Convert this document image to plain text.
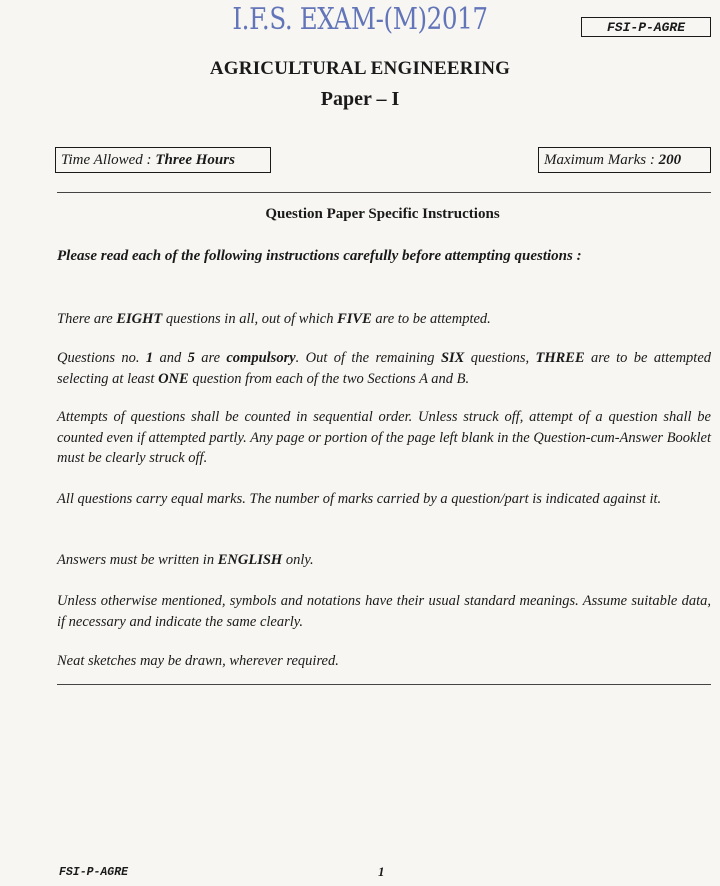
I.F.S. EXAM-(M)2017	FSI-P-AGRE
AGRICULTURAL ENGINEERING
Paper – I
Time Allowed : Three Hours	Maximum Marks : 200
Question Paper Specific Instructions

Please read each of the following instructions carefully before attempting questions :

There are EIGHT questions in all, out of which FIVE are to be attempted.

Questions no. 1 and 5 are compulsory. Out of the remaining SIX questions, THREE are to be attempted selecting at least ONE question from each of the two Sections A and B.

Attempts of questions shall be counted in sequential order. Unless struck off, attempt of a question shall be counted even if attempted partly. Any page or portion of the page left blank in the Question-cum-Answer Booklet must be clearly struck off.

All questions carry equal marks. The number of marks carried by a question/part is indicated against it.

Answers must be written in ENGLISH only.

Unless otherwise mentioned, symbols and notations have their usual standard meanings. Assume suitable data, if necessary and indicate the same clearly.

Neat sketches may be drawn, wherever required.

FSI-P-AGRE	1
